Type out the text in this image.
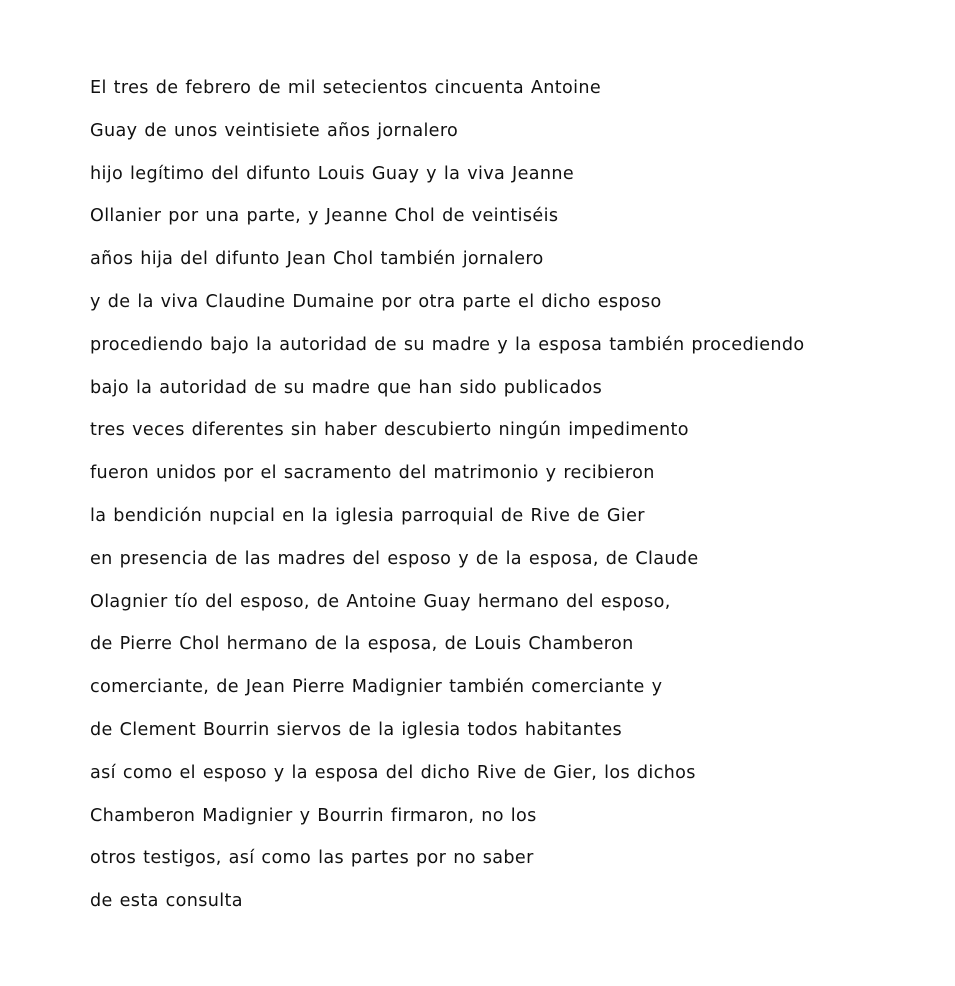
El tres de febrero de mil setecientos cincuenta Antoine
Guay de unos veintisiete años jornalero
hijo legítimo del difunto Louis Guay y la viva Jeanne
Ollanier por una parte, y Jeanne Chol de veintiséis
años hija del difunto Jean Chol también jornalero
y de la viva Claudine Dumaine por otra parte el dicho esposo
procediendo bajo la autoridad de su madre y la esposa también procediendo
bajo la autoridad de su madre que han sido publicados
tres veces diferentes sin haber descubierto ningún impedimento
fueron unidos por el sacramento del matrimonio y recibieron
la bendición nupcial en la iglesia parroquial de Rive de Gier
en presencia de las madres del esposo y de la esposa, de Claude
Olagnier tío del esposo, de Antoine Guay hermano del esposo,
de Pierre Chol hermano de la esposa, de Louis Chamberon
comerciante, de Jean Pierre Madignier también comerciante y
de Clement Bourrin siervos de la iglesia todos habitantes
así como el esposo y la esposa del dicho Rive de Gier, los dichos
Chamberon Madignier y Bourrin firmaron, no los
otros testigos, así como las partes por no saber
de esta consulta
